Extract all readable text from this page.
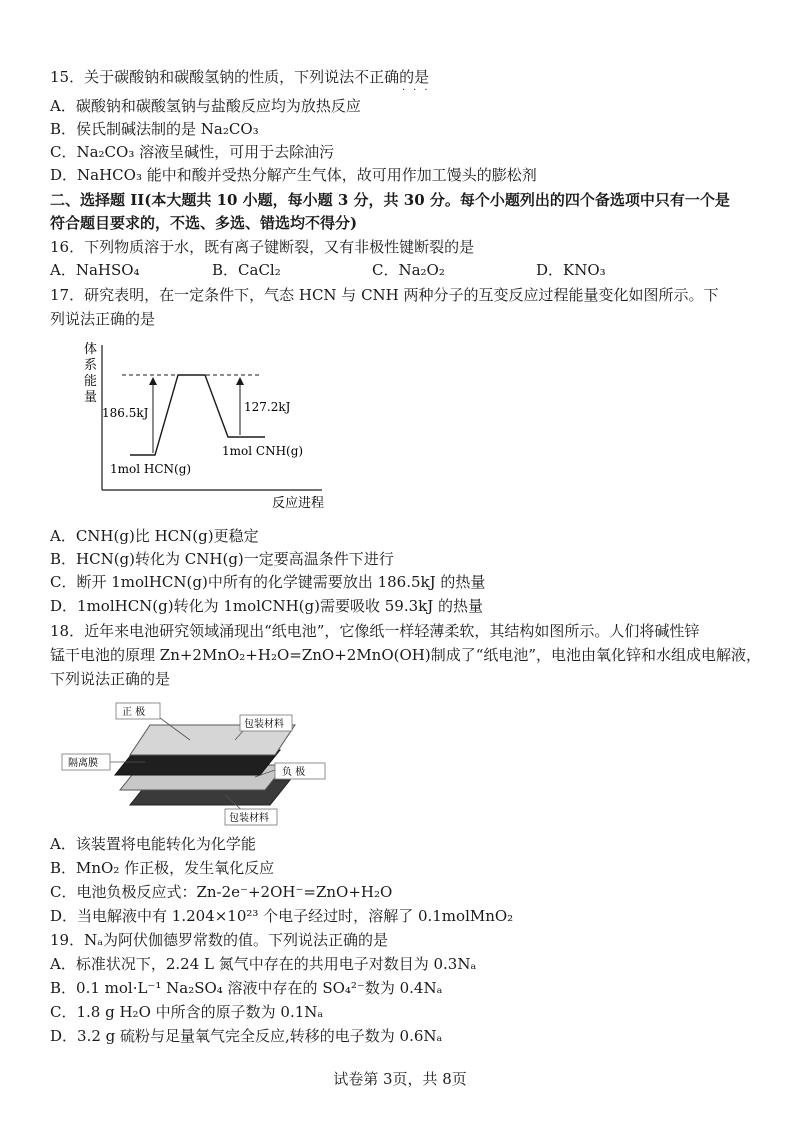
15．关于碳酸钠和碳酸氢钠的性质，下列说法不正确的是
···
A．碳酸钠和碳酸氢钠与盐酸反应均为放热反应
B．侯氏制碱法制的是 Na₂CO₃
C．Na₂CO₃ 溶液呈碱性，可用于去除油污
D．NaHCO₃ 能中和酸并受热分解产生气体，故可用作加工馒头的膨松剂
二、选择题 II(本大题共 10 小题，每小题 3 分，共 30 分。每个小题列出的四个备选项中只有一个是
符合题目要求的，不选、多选、错选均不得分)
16．下列物质溶于水，既有离子键断裂，又有非极性键断裂的是
A．NaHSO₄	B．CaCl₂	C．Na₂O₂	D．KNO₃
17．研究表明，在一定条件下，气态 HCN 与 CNH 两种分子的互变反应过程能量变化如图所示。下
列说法正确的是
体
系
能
量
反应进程
186.5kJ	127.2kJ
1mol HCN(g)
1mol CNH(g)
A．CNH(g)比 HCN(g)更稳定
B．HCN(g)转化为 CNH(g)一定要高温条件下进行
C．断开 1molHCN(g)中所有的化学键需要放出 186.5kJ 的热量
D．1molHCN(g)转化为 1molCNH(g)需要吸收 59.3kJ 的热量
18．近年来电池研究领域涌现出“纸电池”，它像纸一样轻薄柔软，其结构如图所示。人们将碱性锌
锰干电池的原理 Zn+2MnO₂+H₂O=ZnO+2MnO(OH)制成了“纸电池”，电池由氧化锌和水组成电解液，
下列说法正确的是
正 极
包装材料
隔离膜
负 极
包装材料
A．该装置将电能转化为化学能
B．MnO₂ 作正极，发生氧化反应
C．电池负极反应式：Zn-2e⁻+2OH⁻=ZnO+H₂O
D．当电解液中有 1.204×10²³ 个电子经过时，溶解了 0.1molMnO₂
19．Nₐ为阿伏伽德罗常数的值。下列说法正确的是
A．标准状况下，2.24 L 氮气中存在的共用电子对数目为 0.3Nₐ
B．0.1 mol·L⁻¹ Na₂SO₄ 溶液中存在的 SO₄²⁻数为 0.4Nₐ
C．1.8 g H₂O 中所含的原子数为 0.1Nₐ
D．3.2 g 硫粉与足量氧气完全反应,转移的电子数为 0.6Nₐ
试卷第 3页，共 8页
